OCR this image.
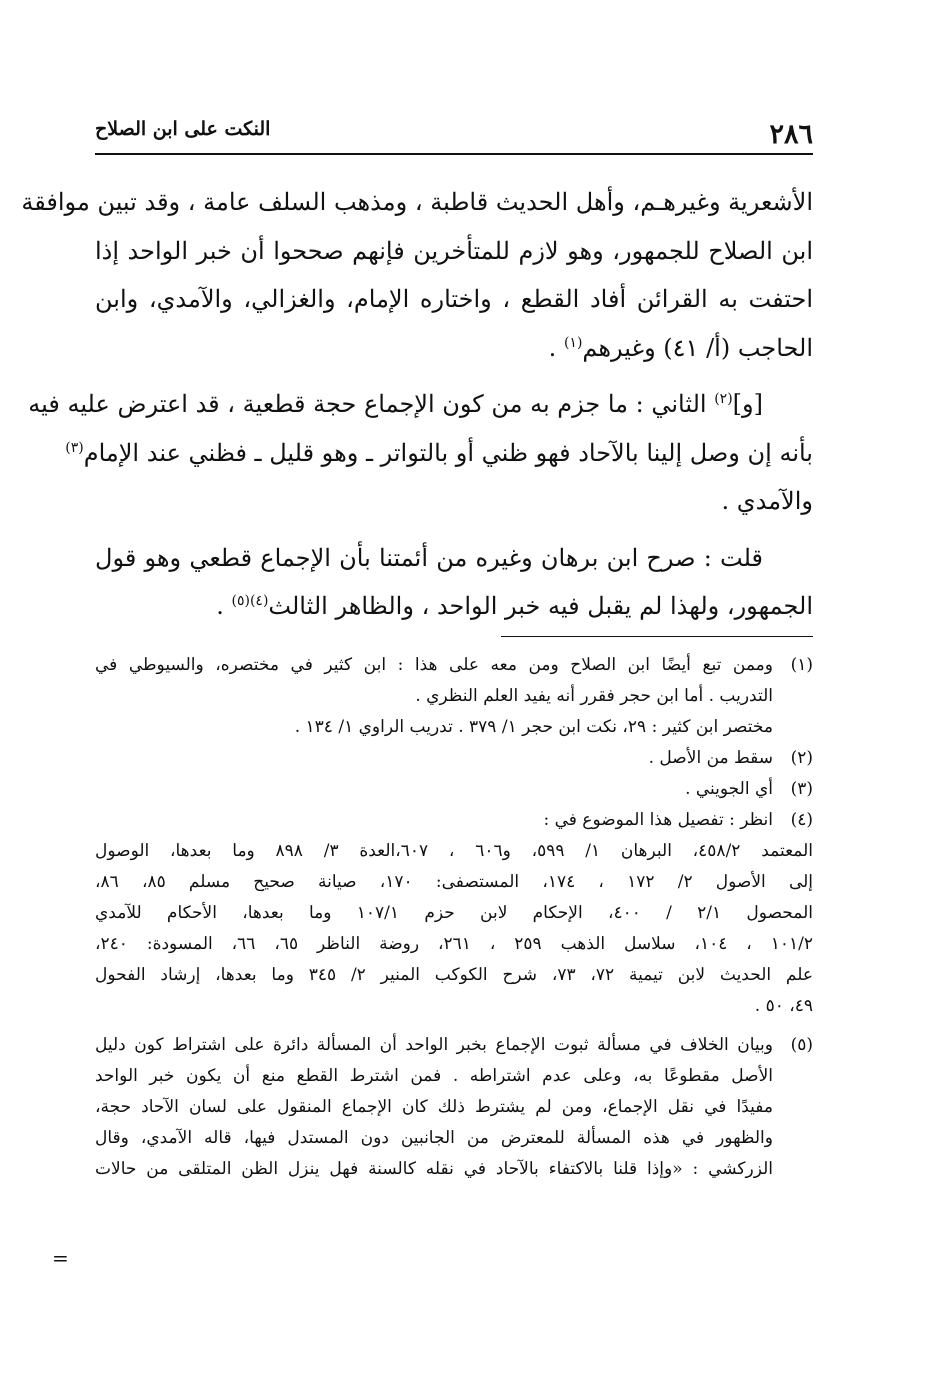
٢٨٦
النكت على ابن الصلاح

الأشعرية وغيرهـم، وأهل الحديث قاطبة ، ومذهب السلف عامة ، وقد تبين موافقة
ابن الصلاح للجمهور، وهو لازم للمتأخرين فإنهم صححوا أن خبر الواحد إذا
احتفت به القرائن أفاد القطع ، واختاره الإمام، والغزالي، والآمدي، وابن
الحاجب (أ/ ٤١) وغيرهم$^{(١)}$ .

[و]$^{(٢)}$ الثاني : ما جزم به من كون الإجماع حجة قطعية ، قد اعترض عليه فيه
بأنه إن وصل إلينا بالآحاد فهو ظني أو بالتواتر ـ وهو قليل ـ فظني عند الإمام$^{(٣)}$
والآمدي .

قلت : صرح ابن برهان وغيره من أئمتنا بأن الإجماع قطعي وهو قول
الجمهور، ولهذا لم يقبل فيه خبر الواحد ، والظاهر الثالث$^{(٤)(٥)}$ .

(١)وممن تبع أيضًا ابن الصلاح ومن معه على هذا : ابن كثير في مختصره، والسيوطي في
التدريب . أما ابن حجر فقرر أنه يفيد العلم النظري .
مختصر ابن كثير : ٢٩، نكت ابن حجر ١/ ٣٧٩ . تدريب الراوي ١/ ١٣٤ .
(٢)سقط من الأصل .
(٣)أي الجويني .
(٤)انظر : تفصيل هذا الموضوع في :
المعتمد ٤٥٨/٢، البرهان ١/ ٥٩٩، و٦٠٦ ، ٦٠٧،العدة ٣/ ٨٩٨ وما بعدها، الوصول
إلى الأصول ٢/ ١٧٢ ، ١٧٤، المستصفى: ١٧٠، صيانة صحيح مسلم ٨٥، ٨٦،
المحصول ٢/١ / ٤٠٠، الإحكام لابن حزم ١٠٧/١ وما بعدها، الأحكام للآمدي
١٠١/٢ ، ١٠٤، سلاسل الذهب ٢٥٩ ، ٢٦١، روضة الناظر ٦٥، ٦٦، المسودة: ٢٤٠،
علم الحديث لابن تيمية ٧٢، ٧٣، شرح الكوكب المنير ٢/ ٣٤٥ وما بعدها، إرشاد الفحول
٤٩، ٥٠ .
(٥)وبيان الخلاف في مسألة ثبوت الإجماع بخبر الواحد أن المسألة دائرة على اشتراط كون دليل
الأصل مقطوعًا به، وعلى عدم اشتراطه . فمن اشترط القطع منع أن يكون خبر الواحد
مفيدًا في نقل الإجماع، ومن لم يشترط ذلك كان الإجماع المنقول على لسان الآحاد حجة،
والظهور في هذه المسألة للمعترض من الجانبين دون المستدل فيها، قاله الآمدي، وقال
الزركشي : «وإذا قلنا بالاكتفاء بالآحاد في نقله كالسنة فهل ينزل الظن المتلقى من حالات
=
